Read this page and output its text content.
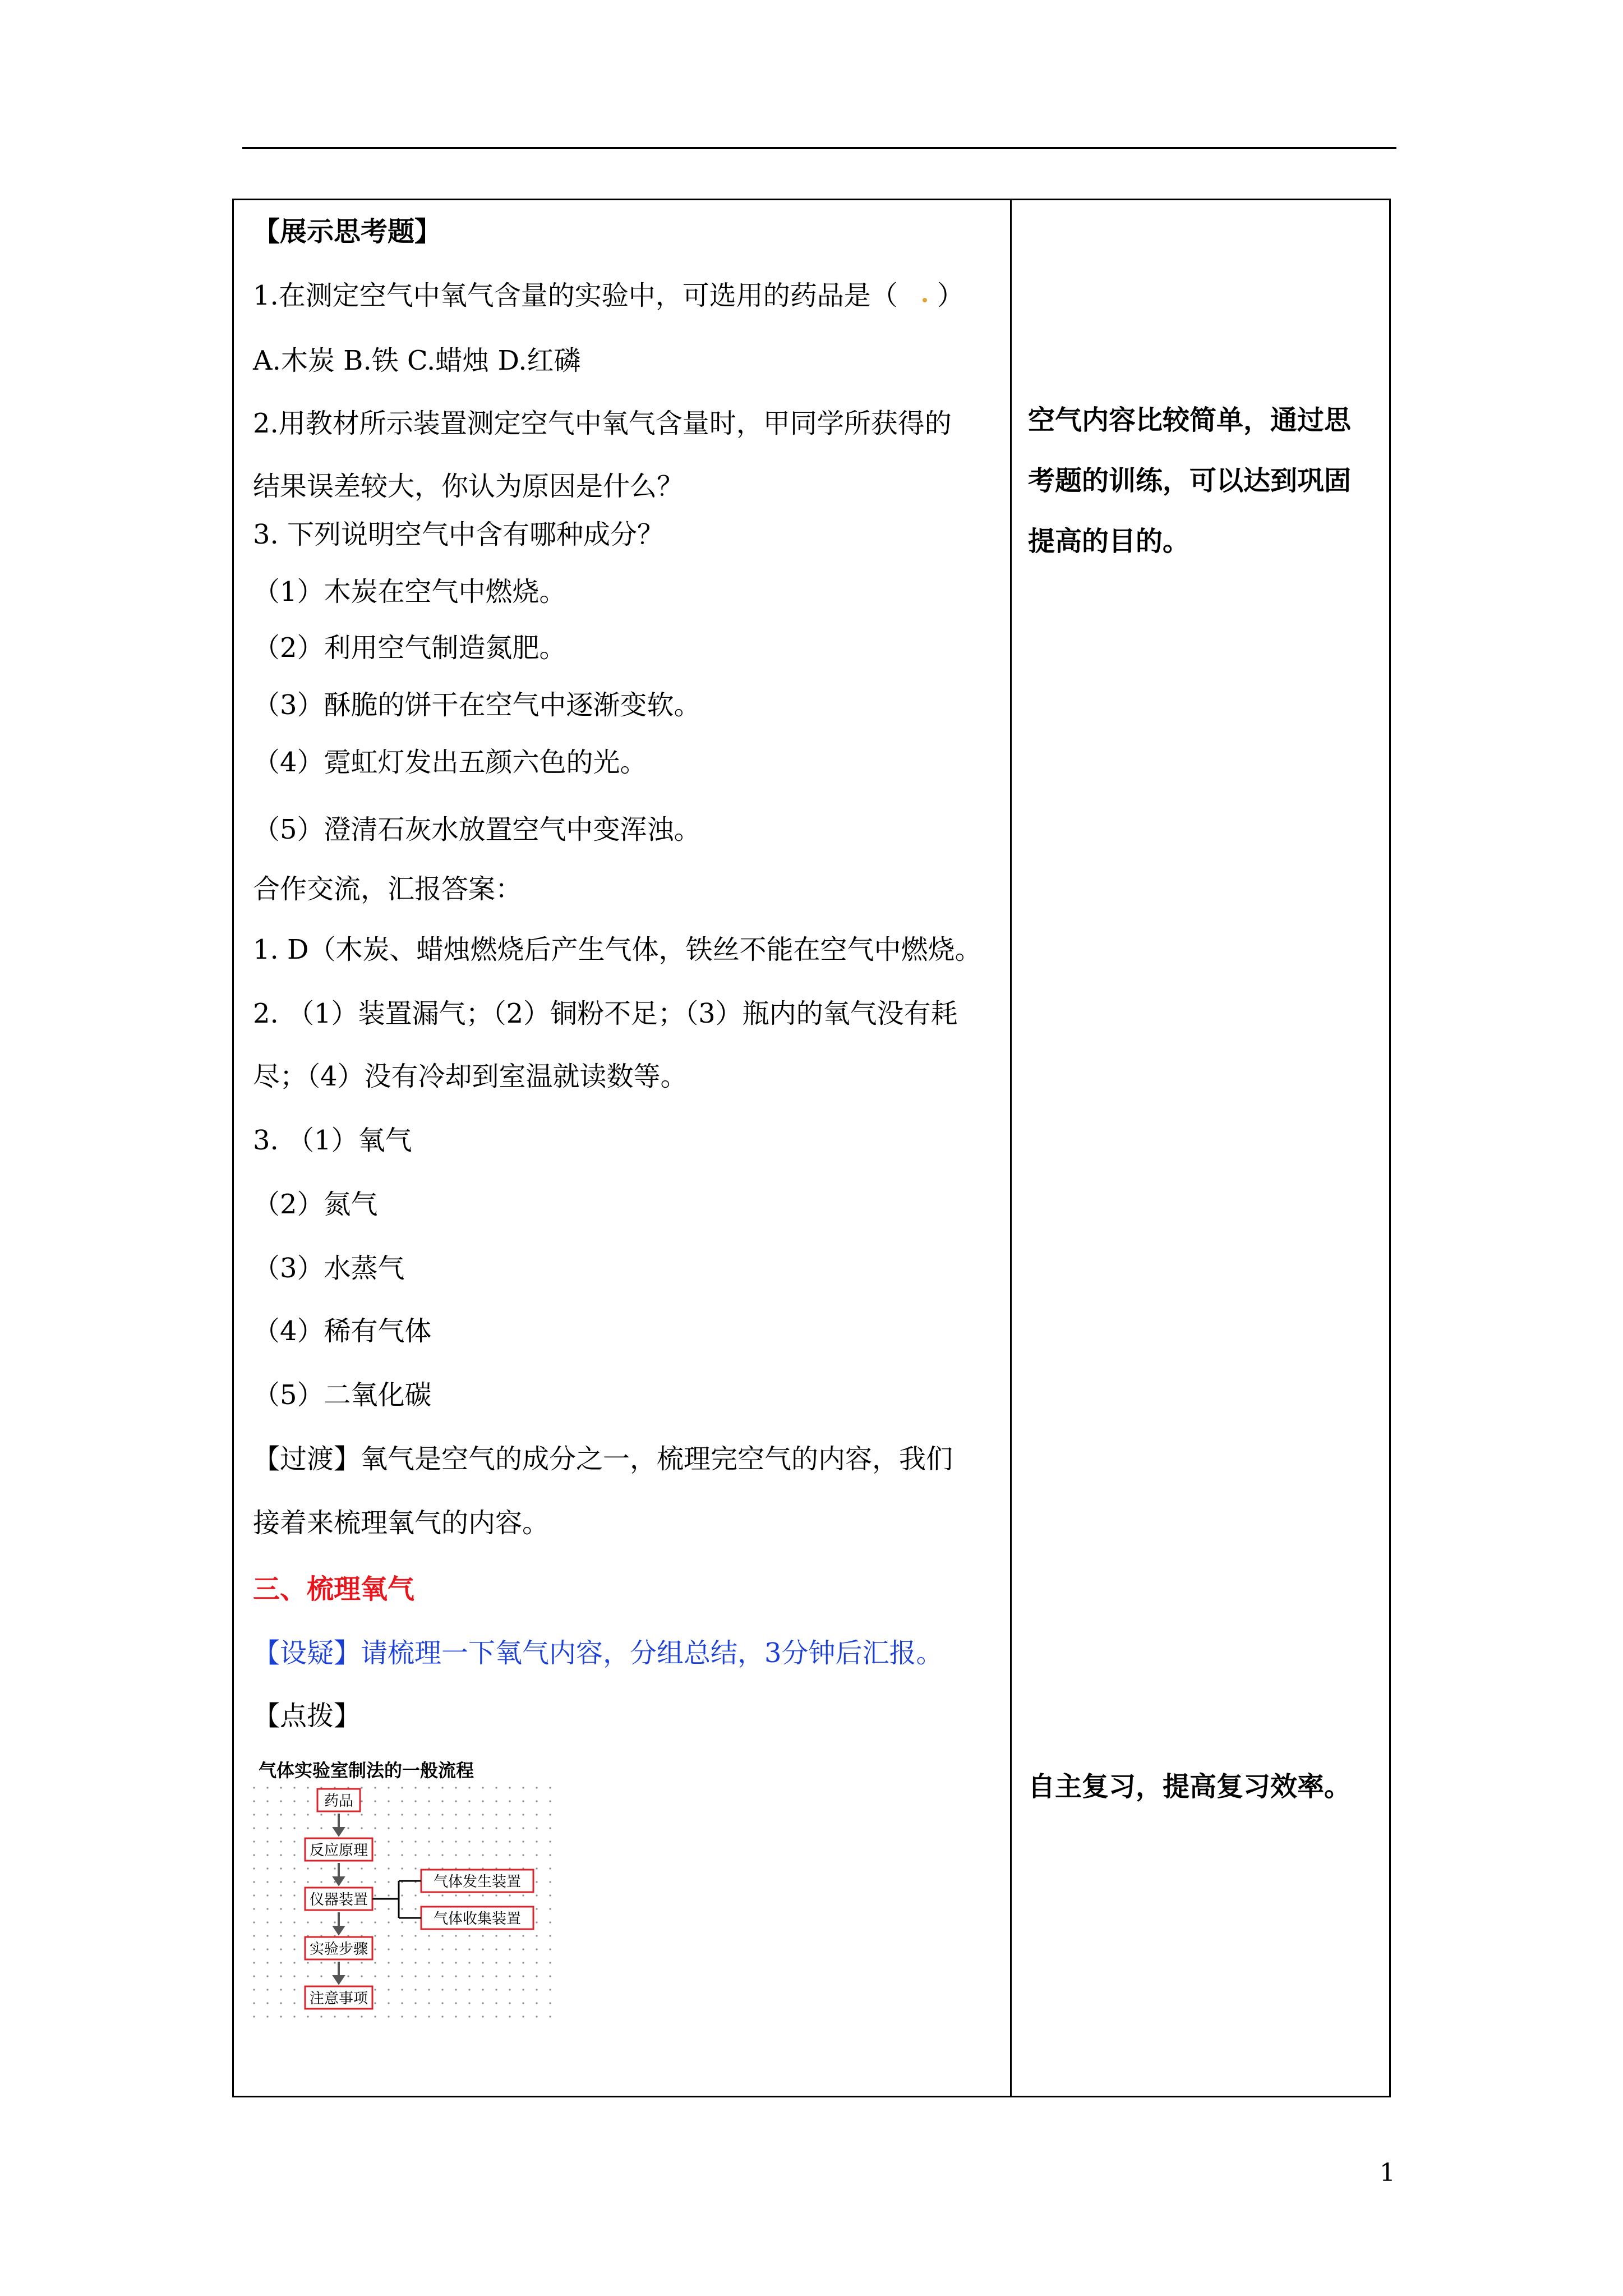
【展示思考题】
1.在测定空气中氧气含量的实验中，可选用的药品是（ ）
A.木炭 B.铁 C.蜡烛 D.红磷
2.用教材所示装置测定空气中氧气含量时，甲同学所获得的
结果误差较大，你认为原因是什么？
3. 下列说明空气中含有哪种成分？
（1）木炭在空气中燃烧。
（2）利用空气制造氮肥。
（3）酥脆的饼干在空气中逐渐变软。
（4）霓虹灯发出五颜六色的光。
（5）澄清石灰水放置空气中变浑浊。
合作交流，汇报答案：
1. D（木炭、蜡烛燃烧后产生气体，铁丝不能在空气中燃烧。
2. （1）装置漏气；（2）铜粉不足；（3）瓶内的氧气没有耗
尽；（4）没有冷却到室温就读数等。
3. （1）氧气
（2）氮气
（3）水蒸气
（4）稀有气体
（5）二氧化碳
【过渡】氧气是空气的成分之一，梳理完空气的内容，我们
接着来梳理氧气的内容。
三、梳理氧气
【设疑】请梳理一下氧气内容，分组总结，3分钟后汇报。
【点拨】
气体实验室制法的一般流程
药品
反应原理
仪器装置
实验步骤
注意事项
气体发生装置
气体收集装置
空气内容比较简单，通过思
考题的训练，可以达到巩固
提高的目的。
自主复习，提高复习效率。
1
